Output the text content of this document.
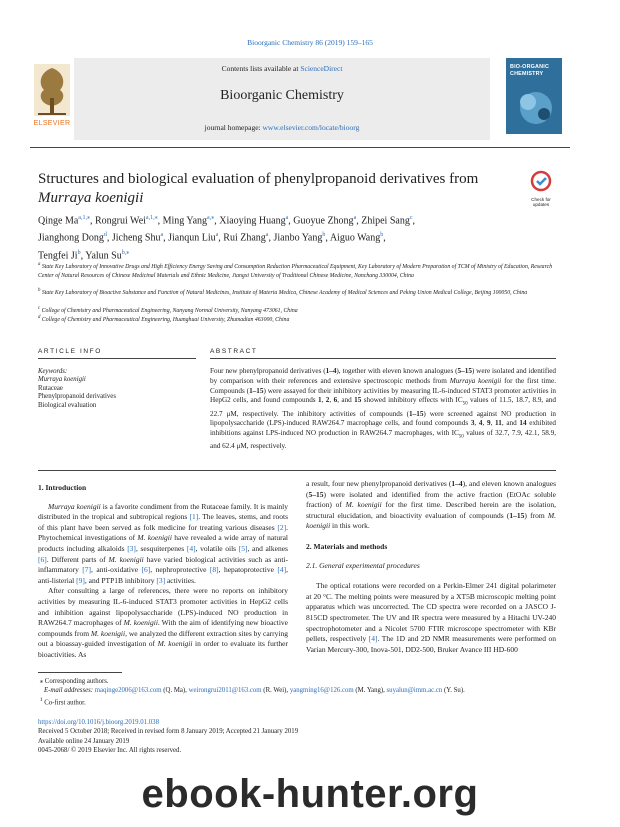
Bioorganic Chemistry 86 (2019) 159–165
ELSEVIER
Contents lists available at ScienceDirect
Bioorganic Chemistry
journal homepage: www.elsevier.com/locate/bioorg
BIO-ORGANIC
CHEMISTRY
Structures and biological evaluation of phenylpropanoid derivatives from
Murraya koenigii	Check for
updates
Qinge $Ma^{a,1,⁎}$, Rongrui Wei$^{a,1,⁎}$, Ming Yang$^{a,⁎}$, Xiaoying Huang$^a$, Guoyue Zhong$^a$, Zhipei Sang$^c$,
Jianghong Dong$^d$, Jicheng Shu$^a$, Jianqun Liu$^a$, Rui Zhang$^a$, Jianbo Yang$^b$, Aiguo Wang$^b$,
Tengfei Ji$^b$, Yalun $Su^{b,⁎}$
$^a$ State Key Laboratory of Innovative Drugs and High Efficiency Energy Saving and Consumption Reduction Pharmaceutical Equipment, Key Laboratory of Modern Preparation of TCM of Ministry of Education, Research Center of Natural Resources of Chinese Medicinal Materials and Ethnic Medicine, Jiangxi University of Traditional Chinese Medicine, Nanchang 330004, China
$^b$ State Key Laboratory of Bioactive Substance and Function of Natural Medicines, Institute of Materia Medica, Chinese Academy of Medical Sciences and Peking Union Medical College, Beijing 100050, China
$^c$ College of Chemistry and Pharmaceutical Engineering, Nanyang Normal University, Nanyang 473061, China
$^d$ College of Chemistry and Pharmaceutical Engineering, Huanghuai University, Zhumadian 463000, China
ARTICLE INFO	ABSTRACT
Keywords:
Murraya koenigii
Rutaceae
Phenylpropanoid derivatives
Biological evaluation
Four new phenylpropanoid derivatives (1–4), together with eleven known analogues (5–15) were isolated and identified by comparison with their references and extensive spectroscopic methods from Murraya koenigii for the first time. Compounds (1–15) were assayed for their inhibitory activities by measuring IL-6-induced STAT3 promoter activities in HepG2 cells, and found compounds 1, 2, 6, and 15 showed inhibitory effects with $IC_{50}$ values of 11.5, 18.7, 8.9, and 22.7 μM, respectively. The inhibitory activities of compounds (1–15) were screened against NO production in lipopolysaccharide (LPS)-induced RAW264.7 macrophage cells, and found compounds 3, 4, 9, 11, and 14 exhibited inhibitions against LPS-induced NO production in RAW264.7 macrophages, with $IC_{50}$ values of 32.7, 7.9, 42.1, 58.9, and 62.4 μM, respectively.
1. Introduction

Murraya koenigii is a favorite condiment from the Rutaceae family. It is mainly distributed in the tropical and subtropical regions [1]. The leaves, stems, and roots of this plant have been served as folk medicine for treating various diseases [2]. Phytochemical investigations of M. koenigii have revealed a wide array of natural products including alkaloids [3], sesquiterpenes [4], volatile oils [5], and alkenes [6]. Different parts of M. koenigii have varied biological activities such as anti-inflammatory [7], anti-oxidative [6], nephroprotective [8], hepatoprotective [4], anti-listerial [9], and PTP1B inhibitory [3] activities.

After consulting a large of references, there were no reports on inhibitory activities by measuring IL-6-induced STAT3 promoter activities in HepG2 cells and inhibition against lipopolysaccharide (LPS)-induced NO production in RAW264.7 macrophages of M. koenigii. With the aim of identifying new bioactive compounds from M. koenigii, we analyzed the different extraction sites by carrying out a bioassay-guided investigation of M. koenigii in order to evaluate its further bioactivities. As

a result, four new phenylpropanoid derivatives (1–4), and eleven known analogues (5–15) were isolated and identified from the active fraction (EtOAc soluble fraction) of M. koenigii for the first time. Described herein are the isolation, structural elucidation, and bioactivity evaluation of compounds (1–15) from M. koenigii in this work.

2. Materials and methods
2.1. General experimental procedures

The optical rotations were recorded on a Perkin-Elmer 241 digital polarimeter at 20 °C. The melting points were measured by a XT5B microscopic melting point apparatus which was uncorrected. The CD spectra were recorded on a JASCO J-815CD spectrometer. The UV and IR spectra were measured by a Hitachi UV-240 spectrophotometer and a Nicolet 5700 FTIR microscope spectrometer with KBr pellets, respectively [4]. The 1D and 2D NMR measurements were performed on Varian Mercury-300, Inova-501, DD2-500, Bruker Avance III HD-600

⁎ Corresponding authors.
E-mail addresses: maqinge2006@163.com (Q. Ma), weirongrui2011@163.com (R. Wei), yangming16@126.com (M. Yang), suyalun@imm.ac.cn (Y. Su).
$^1$ Co-first author.
https://doi.org/10.1016/j.bioorg.2019.01.038
Received 5 October 2018; Received in revised form 8 January 2019; Accepted 21 January 2019
Available online 24 January 2019
0045-2068/ © 2019 Elsevier Inc. All rights reserved.
ebook-hunter.org
